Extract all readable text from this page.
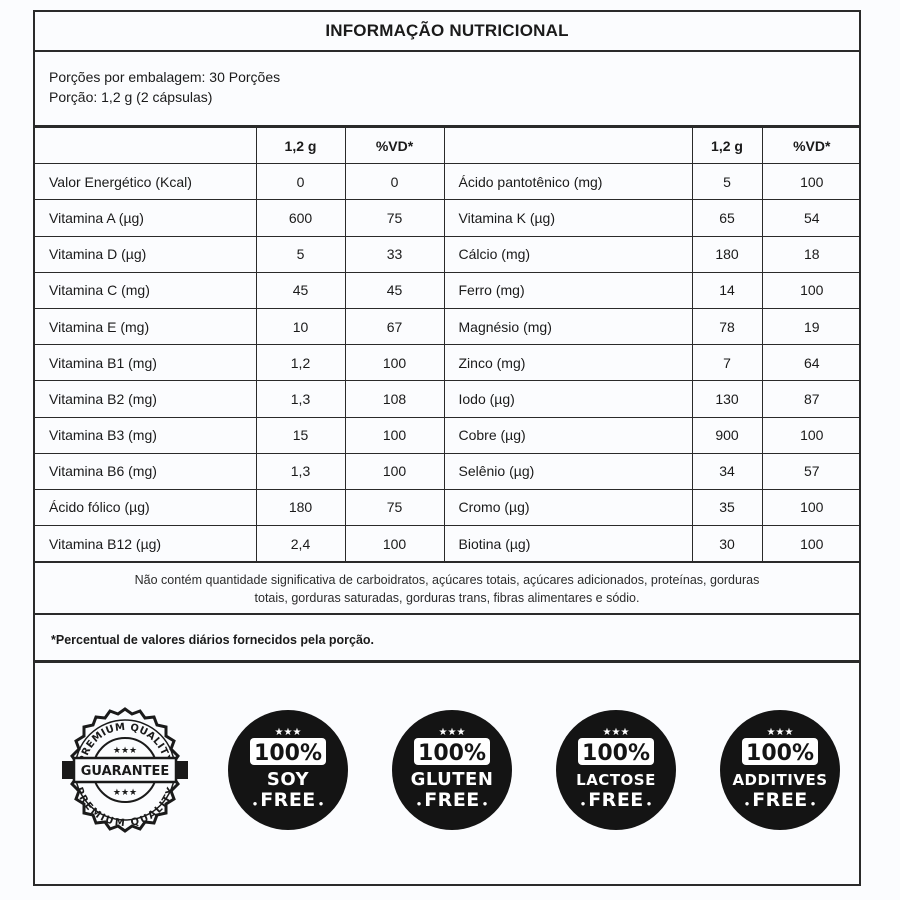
INFORMAÇÃO NUTRICIONAL
Porções por embalagem: 30 Porções
Porção: 1,2 g (2 cápsulas)
	1,2 g	%VD*		1,2 g	%VD*
Valor Energético (Kcal)	0	0	Ácido pantotênico (mg)	5	100
Vitamina A (µg)	600	75	Vitamina K (µg)	65	54
Vitamina D (µg)	5	33	Cálcio (mg)	180	18
Vitamina C (mg)	45	45	Ferro (mg)	14	100
Vitamina E (mg)	10	67	Magnésio (mg)	78	19
Vitamina B1 (mg)	1,2	100	Zinco (mg)	7	64
Vitamina B2 (mg)	1,3	108	Iodo (µg)	130	87
Vitamina B3 (mg)	15	100	Cobre (µg)	900	100
Vitamina B6 (mg)	1,3	100	Selênio (µg)	34	57
Ácido fólico (µg)	180	75	Cromo (µg)	35	100
Vitamina B12 (µg)	2,4	100	Biotina (µg)	30	100
Não contém quantidade significativa de carboidratos, açúcares totais, açúcares adicionados, proteínas, gorduras
totais, gorduras saturadas, gorduras trans, fibras alimentares e sódio.
*Percentual de valores diários fornecidos pela porção.
REMIUM QUALIT
PREMIUM QUALITY
★★★
★★★
GUARANTEE
★★★
100%
SOY
FREE
●	●
★★★
100%
GLUTEN
FREE
●	●
★★★
100%
LACTOSE
FREE
●	●
★★★
100%
ADDITIVES
FREE
●	●
